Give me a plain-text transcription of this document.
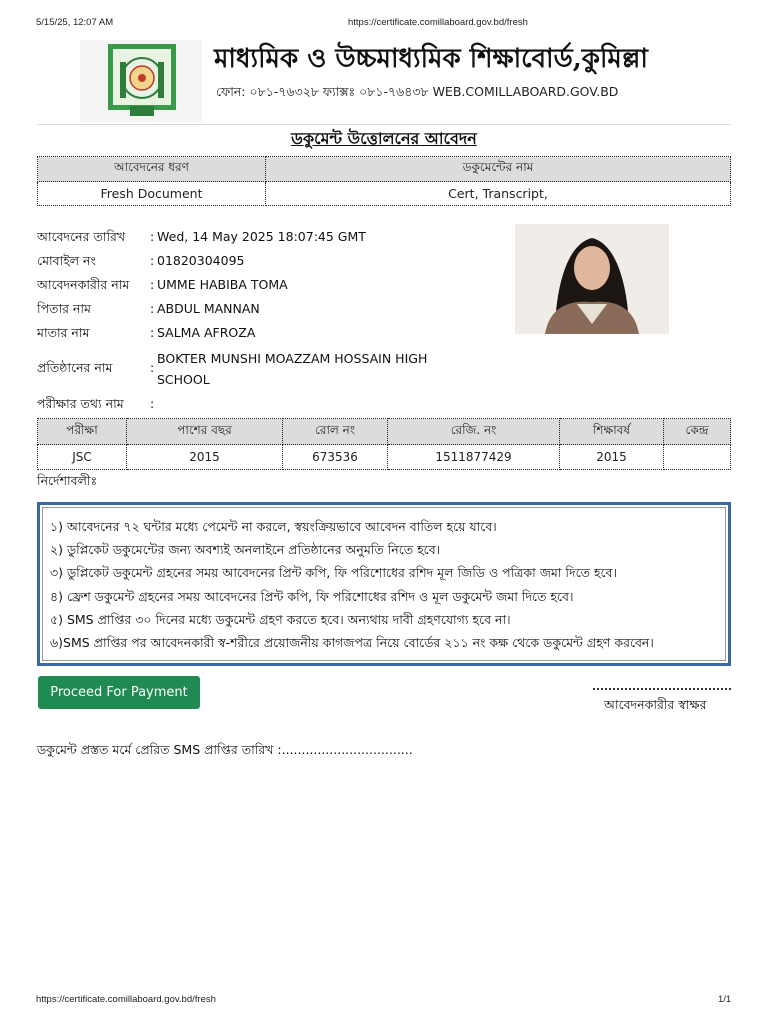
5/15/25, 12:07 AM	https://certificate.comillaboard.gov.bd/fresh
মাধ্যমিক ও উচ্চমাধ্যমিক শিক্ষাবোর্ড,কুমিল্লা
ফোন: ০৮১-৭৬৩২৮ ফ্যাক্সঃ ০৮১-৭৬৪৩৮ WEB.COMILLABOARD.GOV.BD
ডকুমেন্ট উত্তোলনের আবেদন
আবেদনের ধরণ	ডকুমেন্টের নাম
Fresh Document	Cert, Transcript,
আবেদনের তারিখ : Wed, 14 May 2025 18:07:45 GMT
মোবাইল নং	: 01820304095
আবেদনকারীর নাম : UMME HABIBA TOMA
পিতার নাম	: ABDUL MANNAN
মাতার নাম	: SALMA AFROZA
প্রতিষ্ঠানের নাম	:
BOKTER MUNSHI MOAZZAM HOSSAIN HIGH SCHOOL
পরীক্ষার তথ্য নাম :
পরীক্ষা	পাশের বছর	রোল নং	রেজি. নং	শিক্ষাবর্ষ	কেন্দ্র
JSC	2015	673536	1511877429	2015	
নির্দেশাবলীঃ
১) আবেদনের ৭২ ঘন্টার মধ্যে পেমেন্ট না করলে, স্বয়ংক্রিয়ভাবে আবেদন বাতিল হয়ে যাবে।
২) ডুপ্লিকেট ডকুমেন্টের জন্য অবশ্যই অনলাইনে প্রতিষ্ঠানের অনুমতি নিতে হবে।
৩) ডুপ্লিকেট ডকুমেন্ট গ্রহনের সময় আবেদনের প্রিন্ট কপি, ফি পরিশোধের রশিদ মূল জিডি ও পত্রিকা জমা দিতে হবে।
৪) ফ্রেশ ডকুমেন্ট গ্রহনের সময় আবেদনের প্রিন্ট কপি, ফি পরিশোধের রশিদ ও মূল ডকুমেন্ট জমা দিতে হবে।
৫) SMS প্রাপ্তির ৩০ দিনের মধ্যে ডকুমেন্ট গ্রহণ করতে হবে। অন্যথায় দাবী গ্রহণযোগ্য হবে না।
৬)SMS প্রাপ্তির পর আবেদনকারী স্ব-শরীরে প্রয়োজনীয় কাগজপত্র নিয়ে বোর্ডের ২১১ নং কক্ষ থেকে ডকুমেন্ট গ্রহণ করবেন।
Proceed For Payment
আবেদনকারীর স্বাক্ষর
ডকুমেন্ট প্রস্তত মর্মে প্রেরিত SMS প্রাপ্তির তারিখ :.................................
https://certificate.comillaboard.gov.bd/fresh	1/1
